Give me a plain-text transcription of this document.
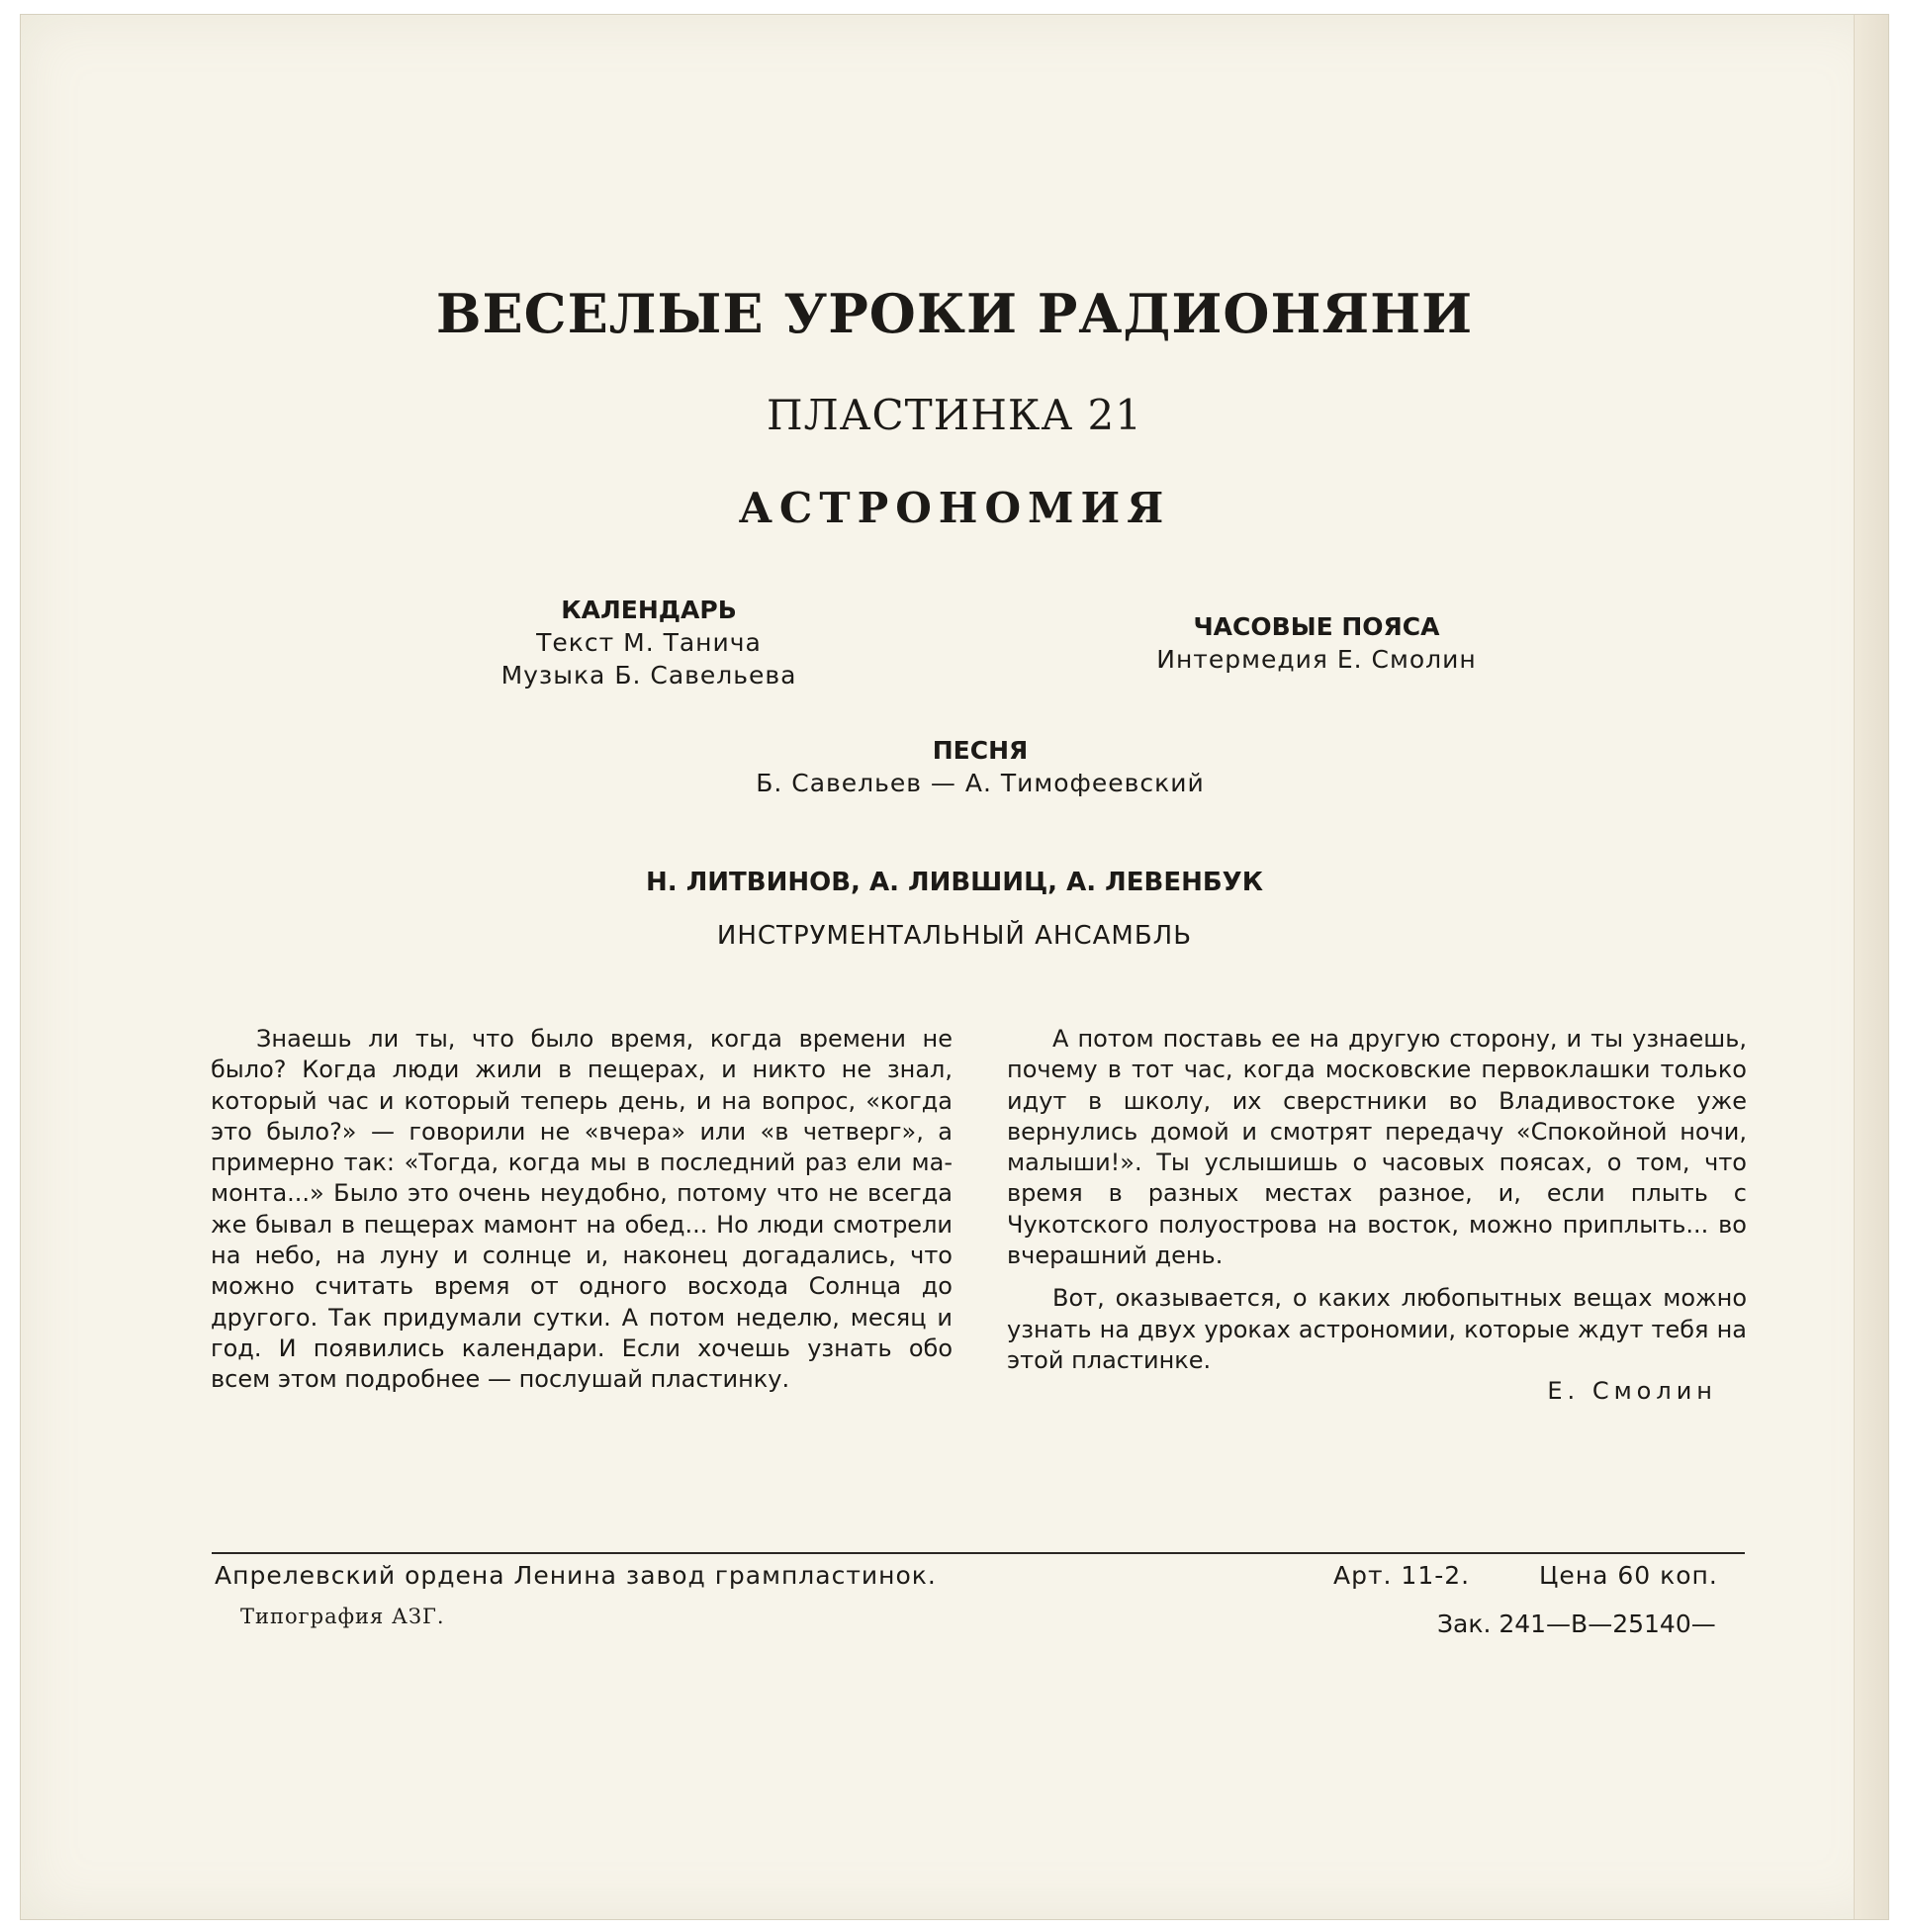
ВЕСЕЛЫЕ УРОКИ РАДИОНЯНИ
ПЛАСТИНКА 21
АСТРОНОМИЯ
КАЛЕНДАРЬ
Текст М. Танича
Музыка Б. Савельева
ЧАСОВЫЕ ПОЯСА
Интермедия Е. Смолин
ПЕСНЯ
Б. Савельев — А. Тимофеевский
Н. ЛИТВИНОВ, А. ЛИВШИЦ, А. ЛЕВЕНБУК
ИНСТРУМЕНТАЛЬНЫЙ АНСАМБЛЬ

Знаешь ли ты, что было время, когда времени не было? Когда люди жили в пещерах, и никто не знал, который час и который теперь день, и на вопрос, «когда это было?» — говорили не «вчера» или «в четверг», а примерно так: «Тогда, когда мы в последний раз ели мамонта...» Было это очень неудобно, потому что не всегда же бывал в пещерах мамонт на обед... Но люди смотрели на небо, на луну и солнце и, наконец догадались, что можно считать время от одного восхода Солнца до другого. Так придумали сутки. А потом неделю, месяц и год. И появились календари. Если хочешь узнать обо всем этом подробнее — послушай пластинку.

А потом поставь ее на другую сторону, и ты узнаешь, почему в тот час, когда московские первоклашки только идут в школу, их сверстники во Владивостоке уже вернулись домой и смотрят передачу «Спокойной ночи, малыши!». Ты услышишь о часовых поясах, о том, что время в разных местах разное, и, если плыть с Чукотского полуострова на восток, можно приплыть... во вчерашний день.

Вот, оказывается, о каких любопытных вещах можно узнать на двух уроках астрономии, которые ждут тебя на этой пластинке.

Е. Смолин
Апрелевский ордена Ленина завод грампластинок.	Арт. 11-2.	Цена 60 коп.
Типография АЗГ.	Зак. 241—В—25140—
